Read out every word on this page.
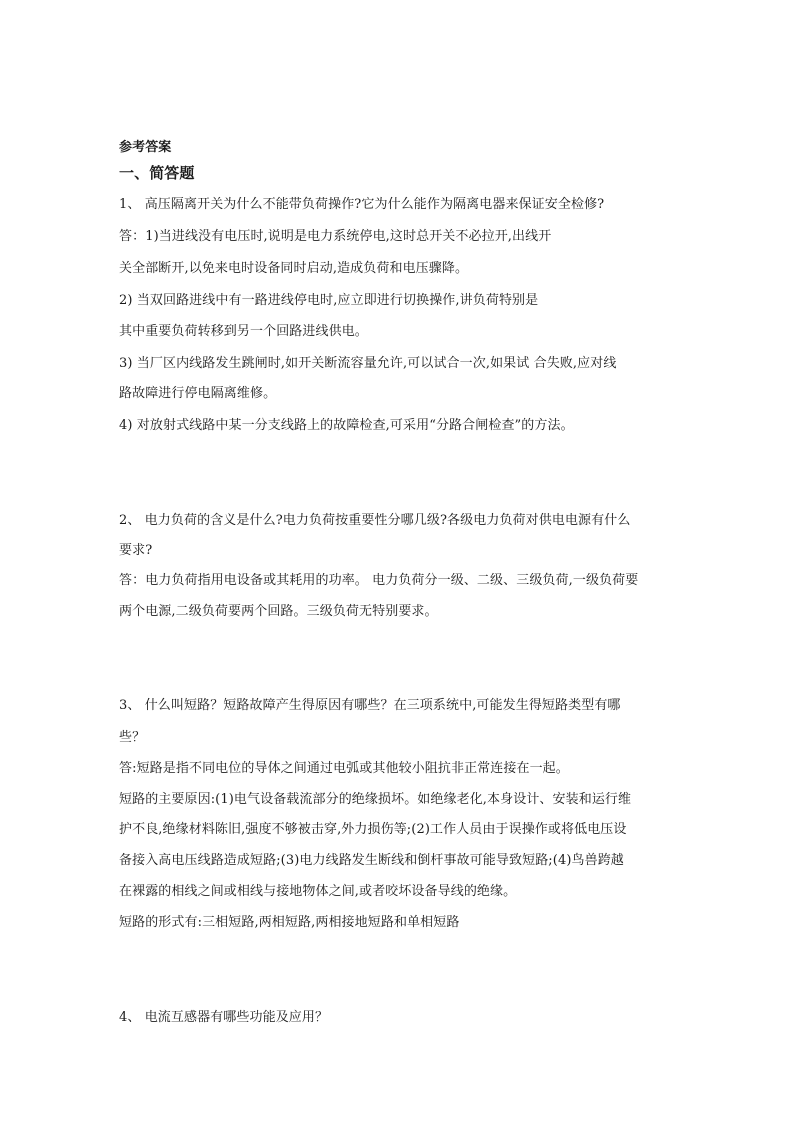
参考答案
一、简答题
1、 高压隔离开关为什么不能带负荷操作?它为什么能作为隔离电器来保证安全检修?
答：1)当进线没有电压时,说明是电力系统停电,这时总开关不必拉开,出线开
关全部断开,以免来电时设备同时启动,造成负荷和电压骤降。
2) 当双回路进线中有一路进线停电时,应立即进行切换操作,讲负荷特别是
其中重要负荷转移到另一个回路进线供电。
3) 当厂区内线路发生跳闸时,如开关断流容量允许,可以试合一次,如果试 合失败,应对线
路故障进行停电隔离维修。
4) 对放射式线路中某一分支线路上的故障检查,可采用“分路合闸检查”的方法。
2、 电力负荷的含义是什么?电力负荷按重要性分哪几级?各级电力负荷对供电电源有什么
要求?
答：电力负荷指用电设备或其耗用的功率。 电力负荷分一级、二级、三级负荷,一级负荷要
两个电源,二级负荷要两个回路。三级负荷无特别要求。
3、 什么叫短路？短路故障产生得原因有哪些？在三项系统中,可能发生得短路类型有哪
些？
答:短路是指不同电位的导体之间通过电弧或其他较小阻抗非正常连接在一起。
短路的主要原因:(1)电气设备载流部分的绝缘损坏。如绝缘老化,本身设计、安装和运行维
护不良,绝缘材料陈旧,强度不够被击穿,外力损伤等;(2)工作人员由于误操作或将低电压设
备接入高电压线路造成短路;(3)电力线路发生断线和倒杆事故可能导致短路;(4)鸟兽跨越
在裸露的相线之间或相线与接地物体之间,或者咬坏设备导线的绝缘。
短路的形式有:三相短路,两相短路,两相接地短路和单相短路
4、 电流互感器有哪些功能及应用？
